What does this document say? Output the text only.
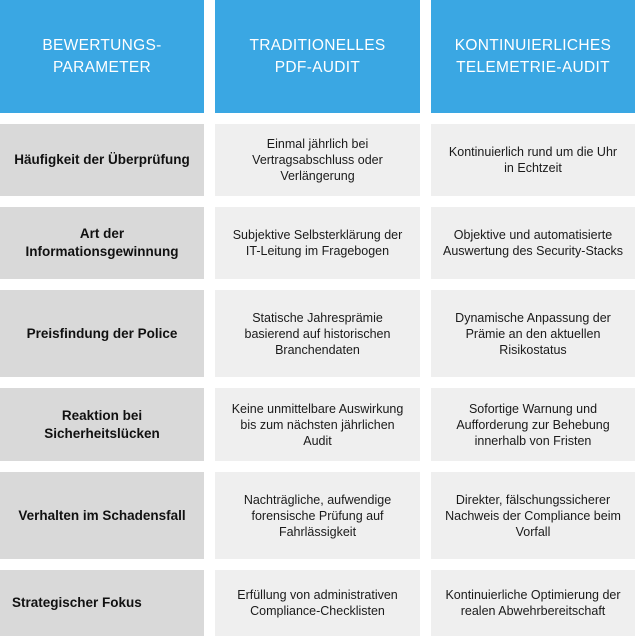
BEWERTUNGS-
PARAMETER
TRADITIONELLES
PDF-AUDIT
KONTINUIERLICHES
TELEMETRIE-AUDIT
Häufigkeit der Überprüfung
Einmal jährlich bei Vertragsabschluss oder Verlängerung
Kontinuierlich rund um die Uhr in Echtzeit
Art der Informationsgewinnung
Subjektive Selbsterklärung der IT-Leitung im Fragebogen
Objektive und automatisierte Auswertung des Security-Stacks
Preisfindung der Police
Statische Jahresprämie basierend auf historischen Branchendaten
Dynamische Anpassung der Prämie an den aktuellen Risikostatus
Reaktion bei Sicherheitslücken
Keine unmittelbare Auswirkung bis zum nächsten jährlichen Audit
Sofortige Warnung und Aufforderung zur Behebung innerhalb von Fristen
Verhalten im Schadensfall
Nachträgliche, aufwendige forensische Prüfung auf Fahrlässigkeit
Direkter, fälschungssicherer Nachweis der Compliance beim Vorfall
Strategischer Fokus	Erfüllung von administrativen Compliance-Checklisten
Kontinuierliche Optimierung der realen Abwehrbereitschaft
